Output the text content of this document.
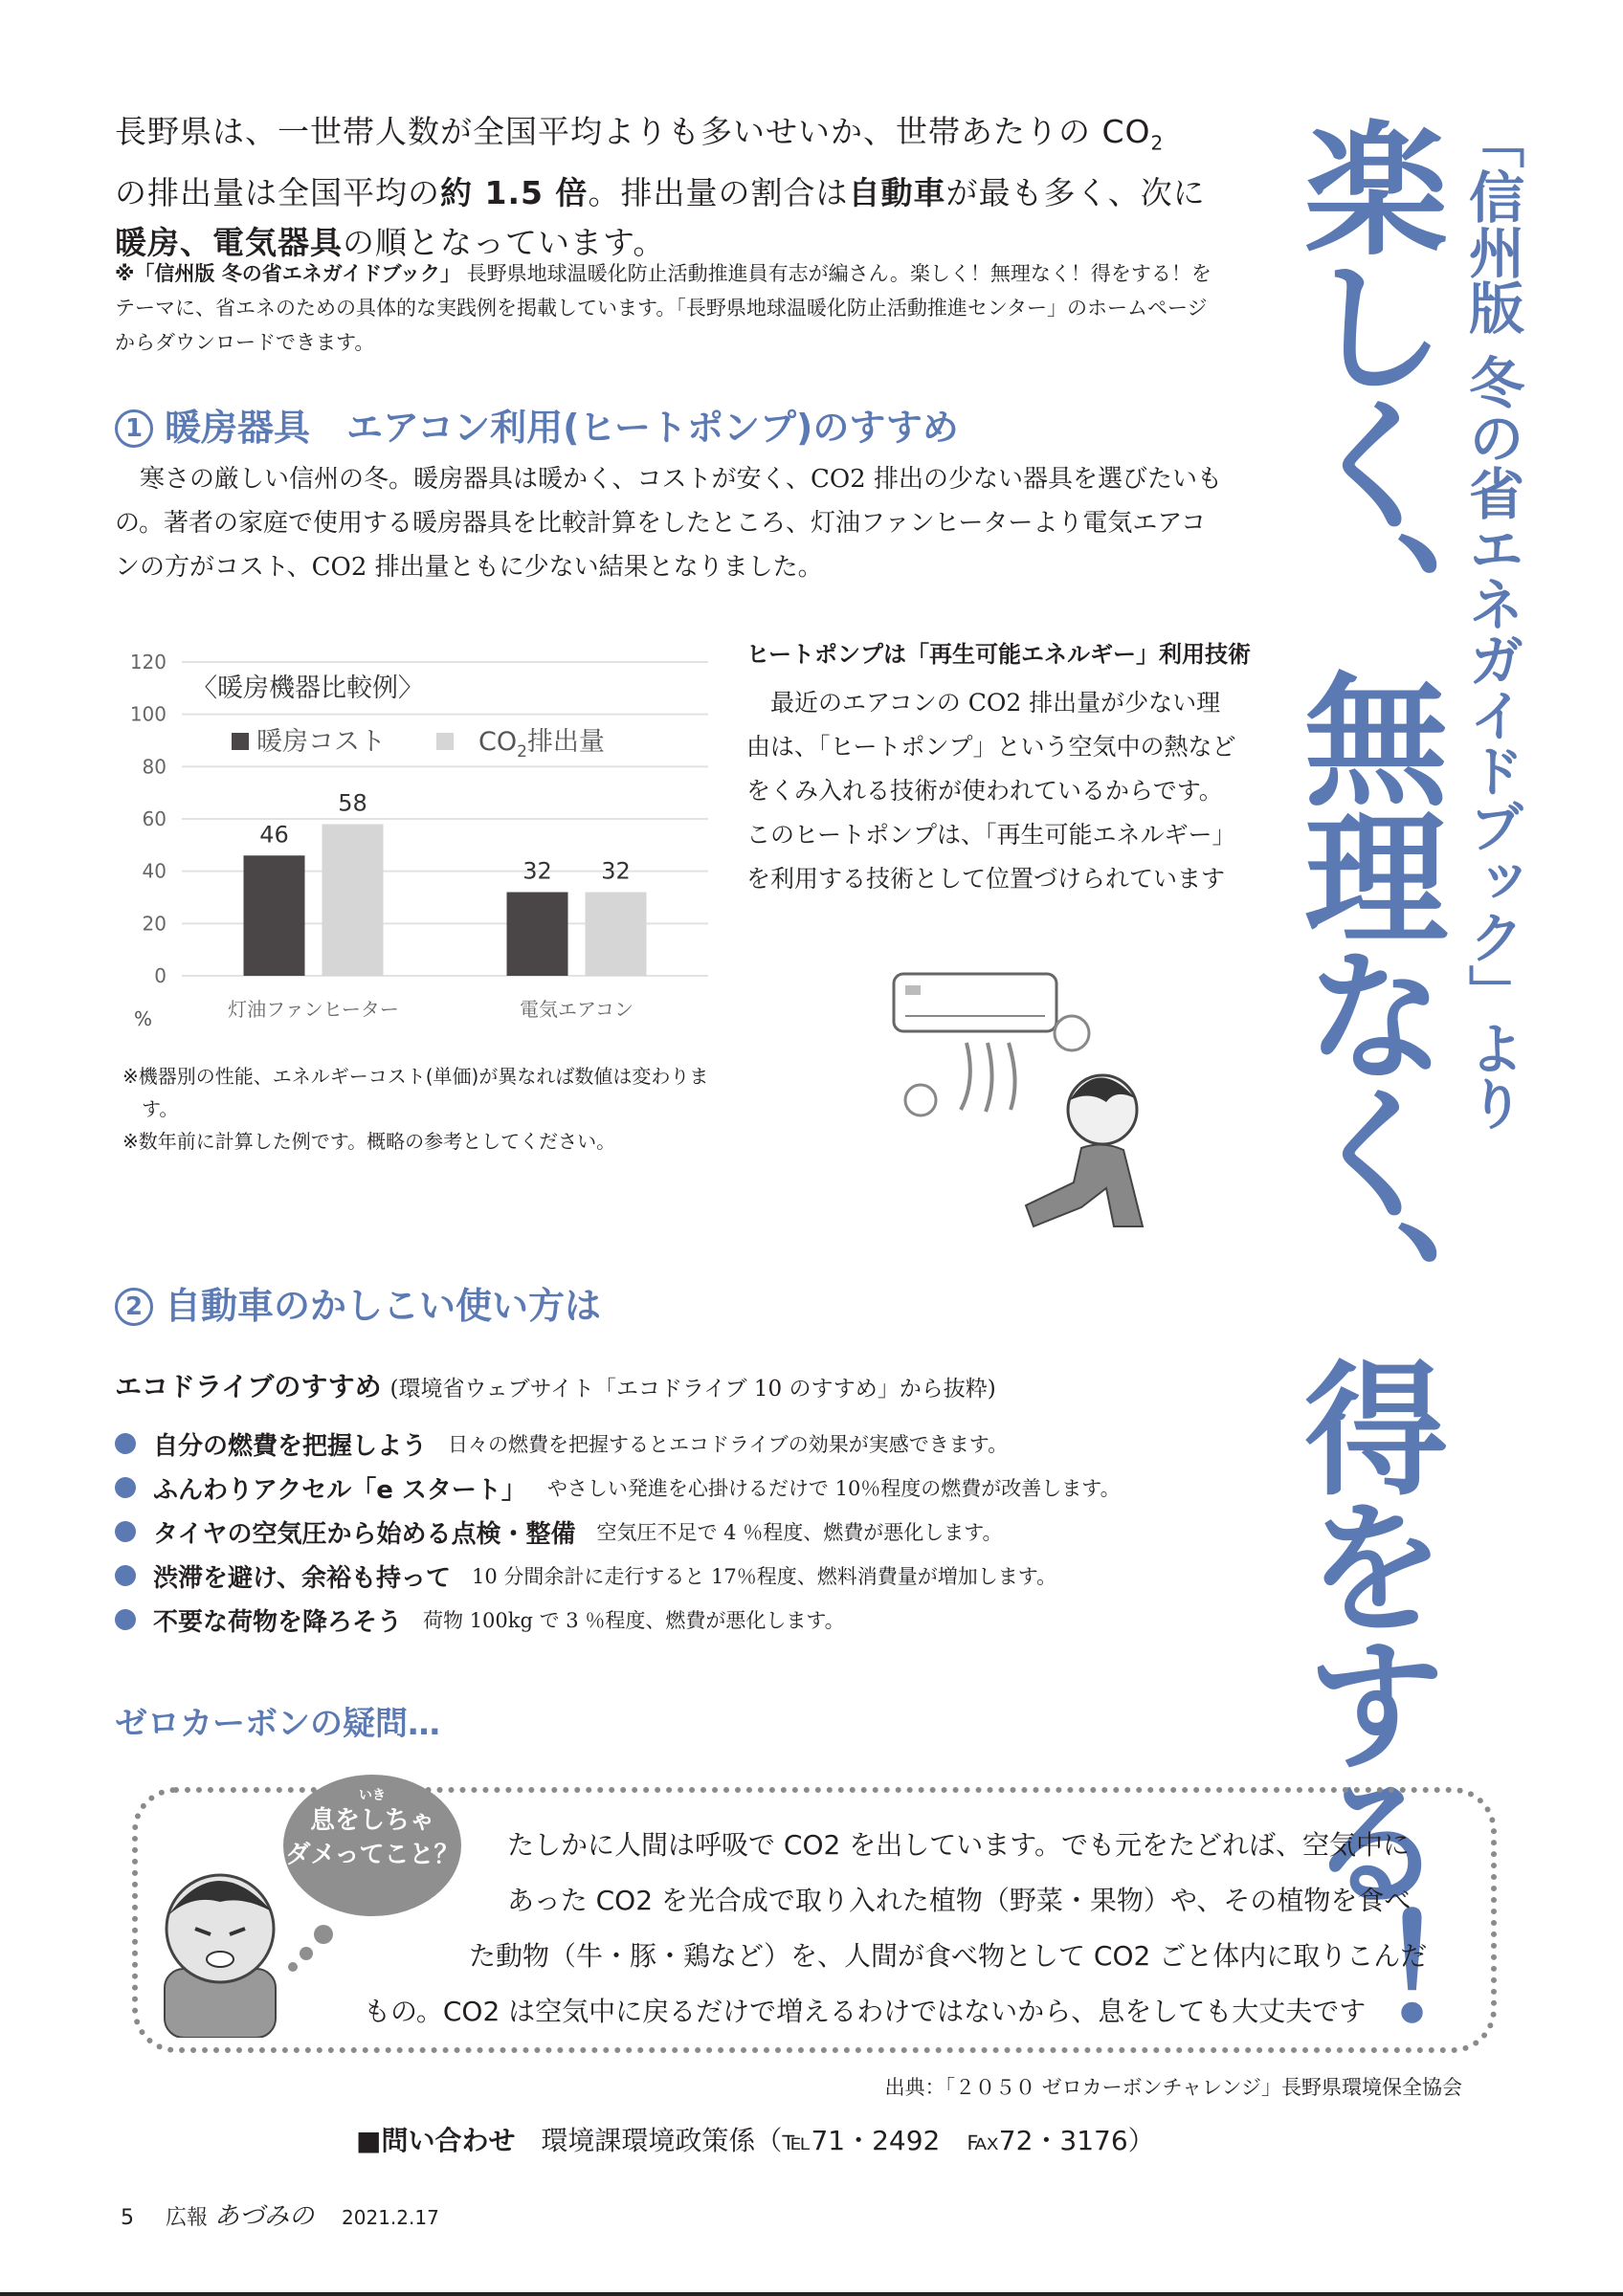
「信州版 冬の省エネガイドブック」より
楽しく、無理なく、得をする！
長野県は、一世帯人数が全国平均よりも多いせいか、世帯あたりの $CO_2$
の排出量は全国平均の約 1.5 倍。排出量の割合は自動車が最も多く、次に
暖房、電気器具の順となっています。
※「信州版 冬の省エネガイドブック」 長野県地球温暖化防止活動推進員有志が編さん。楽しく！無理なく！得をする！をテーマに、省エネのための具体的な実践例を掲載しています。「長野県地球温暖化防止活動推進センター」のホームページからダウンロードできます。
1 暖房器具　エアコン利用(ヒートポンプ)のすすめ
寒さの厳しい信州の冬。暖房器具は暖かく、コストが安く、CO2 排出の少ない器具を選びたいもの。著者の家庭で使用する暖房器具を比較計算をしたところ、灯油ファンヒーターより電気エアコンの方がコスト、CO2 排出量ともに少ない結果となりました。
120
100
80
60
40
20
0
46
58
32 32
灯油ファンヒーター	電気エアコン
%
〈暖房機器比較例〉
暖房コスト	$CO_2$排出量
※機器別の性能、エネルギーコスト(単価)が異なれば数値は変わります。
※数年前に計算した例です。概略の参考としてください。
ヒートポンプは「再生可能エネルギー」利用技術
最近のエアコンの CO2 排出量が少ない理由は、「ヒートポンプ」という空気中の熱などをくみ入れる技術が使われているからです。このヒートポンプは、「再生可能エネルギー」を利用する技術として位置づけられています
2 自動車のかしこい使い方は
エコドライブのすすめ (環境省ウェブサイト「エコドライブ 10 のすすめ」から抜粋)
自分の燃費を把握しよう 日々の燃費を把握するとエコドライブの効果が実感できます。
ふんわりアクセル「e スタート」 やさしい発進を心掛けるだけで 10％程度の燃費が改善します。
タイヤの空気圧から始める点検・整備 空気圧不足で 4 ％程度、燃費が悪化します。
渋滞を避け、余裕も持って 10 分間余計に走行すると 17％程度、燃料消費量が増加します。
不要な荷物を降ろそう 荷物 100kg で 3 ％程度、燃費が悪化します。
ゼロカーボンの疑問…
いき
息をしちゃ
ダメってこと？	たしかに人間は呼吸で CO2 を出しています。でも元をたどれば、空気中に
あった CO2 を光合成で取り入れた植物（野菜・果物）や、その植物を食べ
た動物（牛・豚・鶏など）を、人間が食べ物として CO2 ごと体内に取りこんだ
もの。CO2 は空気中に戻るだけで増えるわけではないから、息をしても大丈夫です
出典：「２０５０ ゼロカーボンチャレンジ」長野県環境保全協会
■問い合わせ 環境課環境政策係（℡71・2492　℻72・3176）
5 広報 あづみの 2021.2.17
